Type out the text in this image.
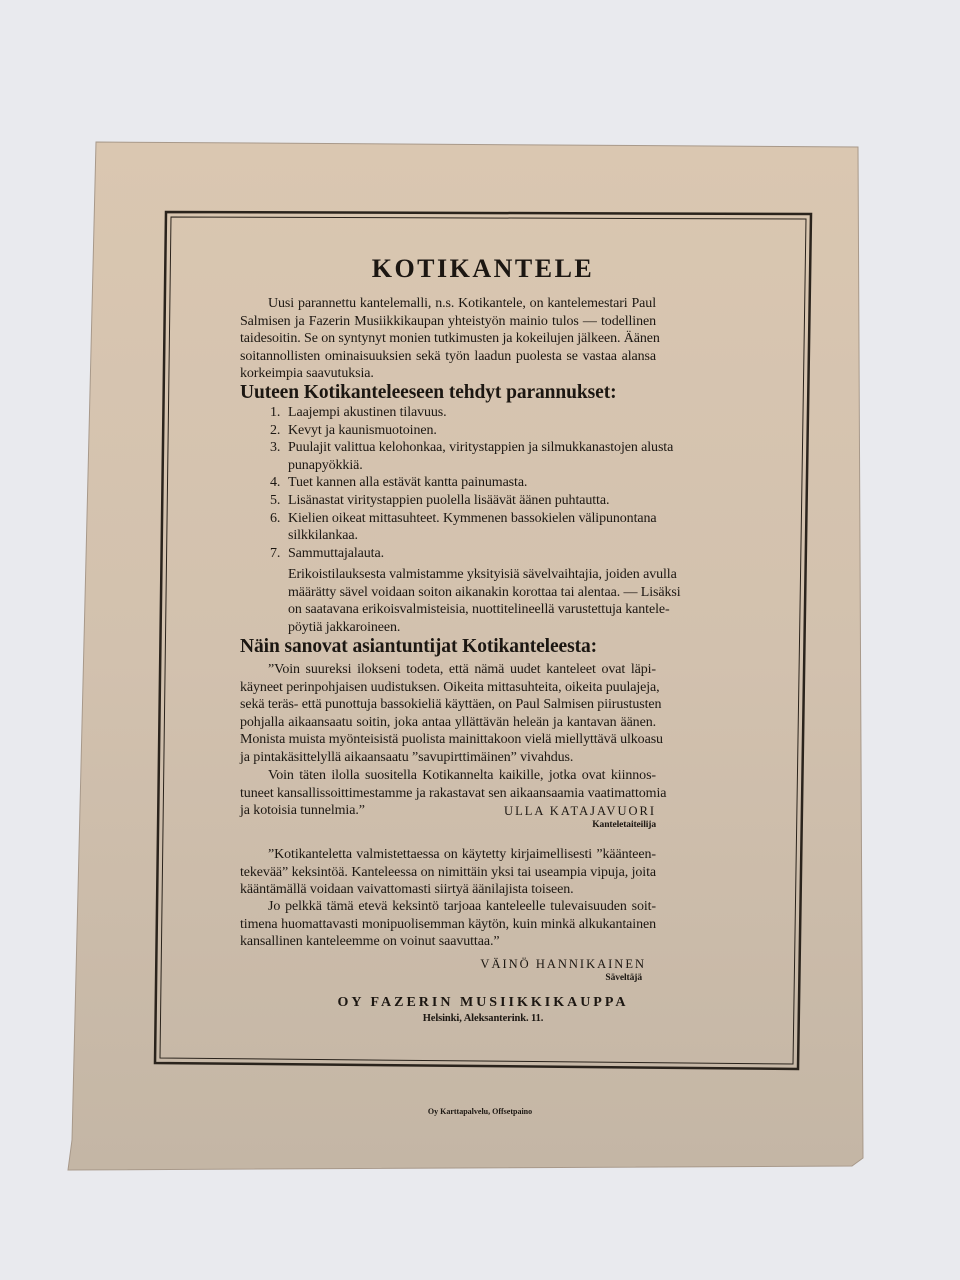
KOTIKANTELE
Uusi parannettu kantelemalli, n.s. Kotikantele, on kantelemestari Paul
Salmisen ja Fazerin Musiikkikaupan yhteistyön mainio tulos — todellinen
taidesoitin. Se on syntynyt monien tutkimusten ja kokeilujen jälkeen. Äänen
soitannollisten ominaisuuksien sekä työn laadun puolesta se vastaa alansa
korkeimpia saavutuksia.
Uuteen Kotikanteleeseen tehdyt parannukset:
1. Laajempi akustinen tilavuus.
2. Kevyt ja kaunismuotoinen.
3. Puulajit valittua kelohonkaa, viritystappien ja silmukkanastojen alusta
punapyökkiä.
4. Tuet kannen alla estävät kantta painumasta.
5. Lisänastat viritystappien puolella lisäävät äänen puhtautta.
6. Kielien oikeat mittasuhteet. Kymmenen bassokielen välipunontana
silkkilankaa.
7. Sammuttajalauta.
Erikoistilauksesta valmistamme yksityisiä sävelvaihtajia, joiden avulla
määrätty sävel voidaan soiton aikanakin korottaa tai alentaa. — Lisäksi
on saatavana erikoisvalmisteisia, nuottitelineellä varustettuja kantele-
pöytiä jakkaroineen.
Näin sanovat asiantuntijat Kotikanteleesta:
”Voin suureksi ilokseni todeta, että nämä uudet kanteleet ovat läpi-
käyneet perinpohjaisen uudistuksen. Oikeita mittasuhteita, oikeita puulajeja,
sekä teräs- että punottuja bassokieliä käyttäen, on Paul Salmisen piirustusten
pohjalla aikaansaatu soitin, joka antaa yllättävän heleän ja kantavan äänen.
Monista muista myönteisistä puolista mainittakoon vielä miellyttävä ulkoasu
ja pintakäsittelyllä aikaansaatu ”savupirttimäinen” vivahdus.
Voin täten ilolla suositella Kotikannelta kaikille, jotka ovat kiinnos-
tuneet kansallissoittimestamme ja rakastavat sen aikaansaamia vaatimattomia
ja kotoisia tunnelmia.”	ULLA KATAJAVUORI
Kanteletaiteilija
”Kotikanteletta valmistettaessa on käytetty kirjaimellisesti ”käänteen-
tekevää” keksintöä. Kanteleessa on nimittäin yksi tai useampia vipuja, joita
kääntämällä voidaan vaivattomasti siirtyä äänilajista toiseen.
Jo pelkkä tämä etevä keksintö tarjoaa kanteleelle tulevaisuuden soit-
timena huomattavasti monipuolisemman käytön, kuin minkä alkukantainen
kansallinen kanteleemme on voinut saavuttaa.”
VÄINÖ HANNIKAINEN
Säveltäjä
OY FAZERIN MUSIIKKIKAUPPA
Helsinki, Aleksanterink. 11.
Oy Karttapalvelu, Offsetpaino
